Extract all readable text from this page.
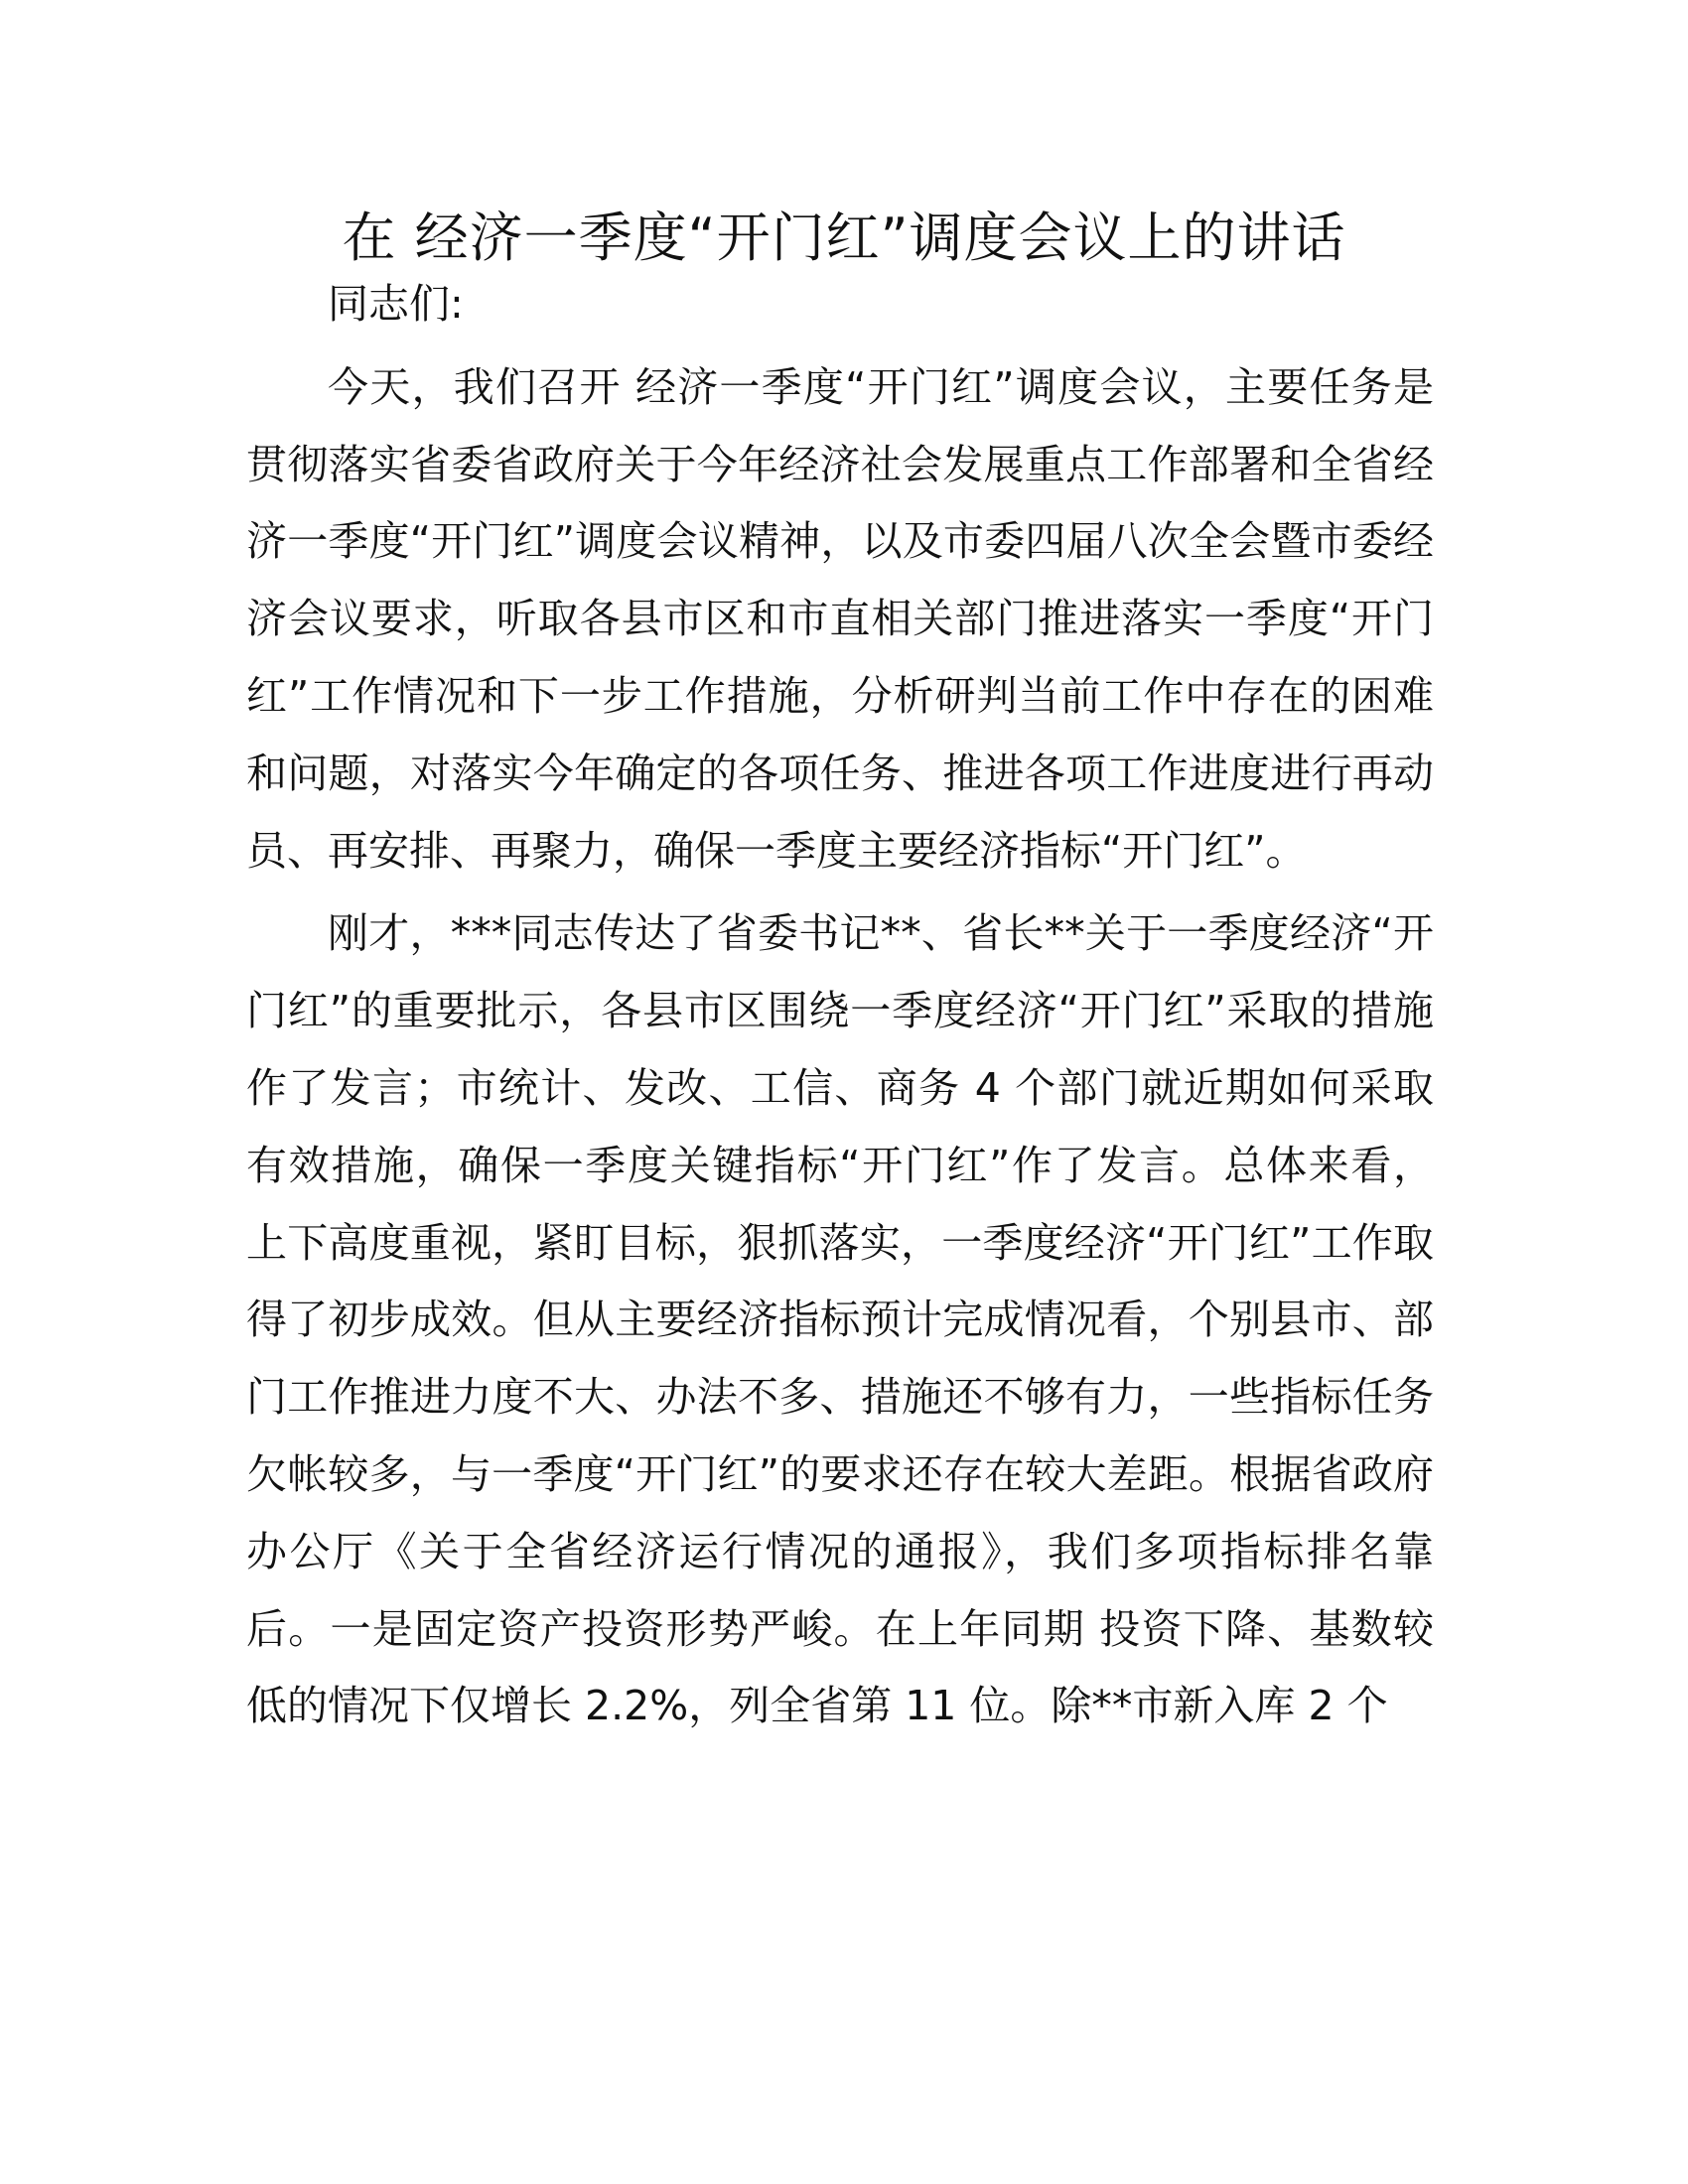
在 经济一季度“开门红”调度会议上的讲话

同志们:

今天，我们召开 经济一季度“开门红”调度会议，主要任务是贯彻落实省委省政府关于今年经济社会发展重点工作部署和全省经济一季度“开门红”调度会议精神，以及市委四届八次全会暨市委经济会议要求，听取各县市区和市直相关部门推进落实一季度“开门红”工作情况和下一步工作措施，分析研判当前工作中存在的困难和问题，对落实今年确定的各项任务、推进各项工作进度进行再动员、再安排、再聚力，确保一季度主要经济指标“开门红”。

刚才，***同志传达了省委书记**、省长**关于一季度经济“开门红”的重要批示，各县市区围绕一季度经济“开门红”采取的措施作了发言；市统计、发改、工信、商务 4 个部门就近期如何采取有效措施，确保一季度关键指标“开门红”作了发言。总体来看， 上下高度重视，紧盯目标，狠抓落实，一季度经济“开门红”工作取得了初步成效。但从主要经济指标预计完成情况看，个别县市、部门工作推进力度不大、办法不多、措施还不够有力，一些指标任务欠帐较多，与一季度“开门红”的要求还存在较大差距。根据省政府办公厅《关于全省经济运行情况的通报》，我们多项指标排名靠后。一是固定资产投资形势严峻。在上年同期 投资下降、基数较低的情况下仅增长 2.2%，列全省第 11 位。除**市新入库 2 个
